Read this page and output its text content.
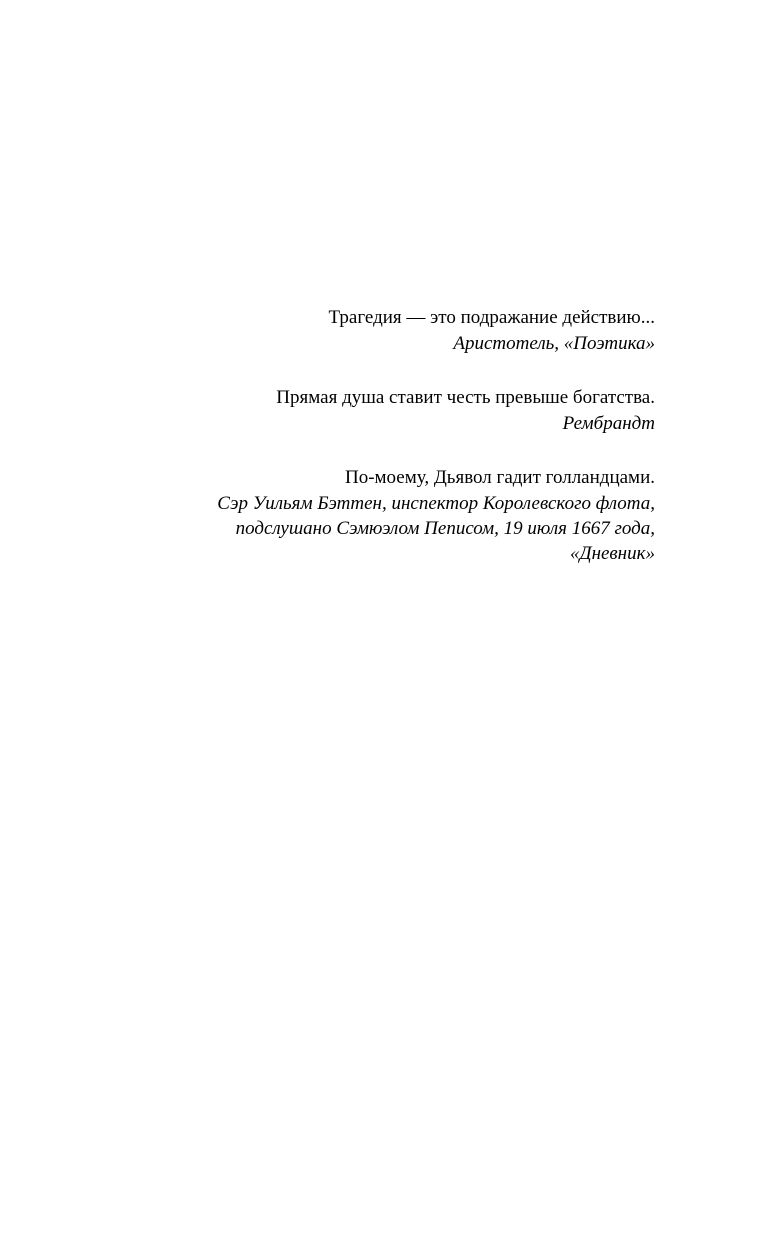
Трагедия — это подражание действию...
Аристотель, «Поэтика»
Прямая душа ставит честь превыше богатства.
Рембрандт
По-моему, Дьявол гадит голландцами.
Сэр Уильям Бэттен, инспектор Королевского флота,
подслушано Сэмюэлом Пеписом, 19 июля 1667 года,
«Дневник»
